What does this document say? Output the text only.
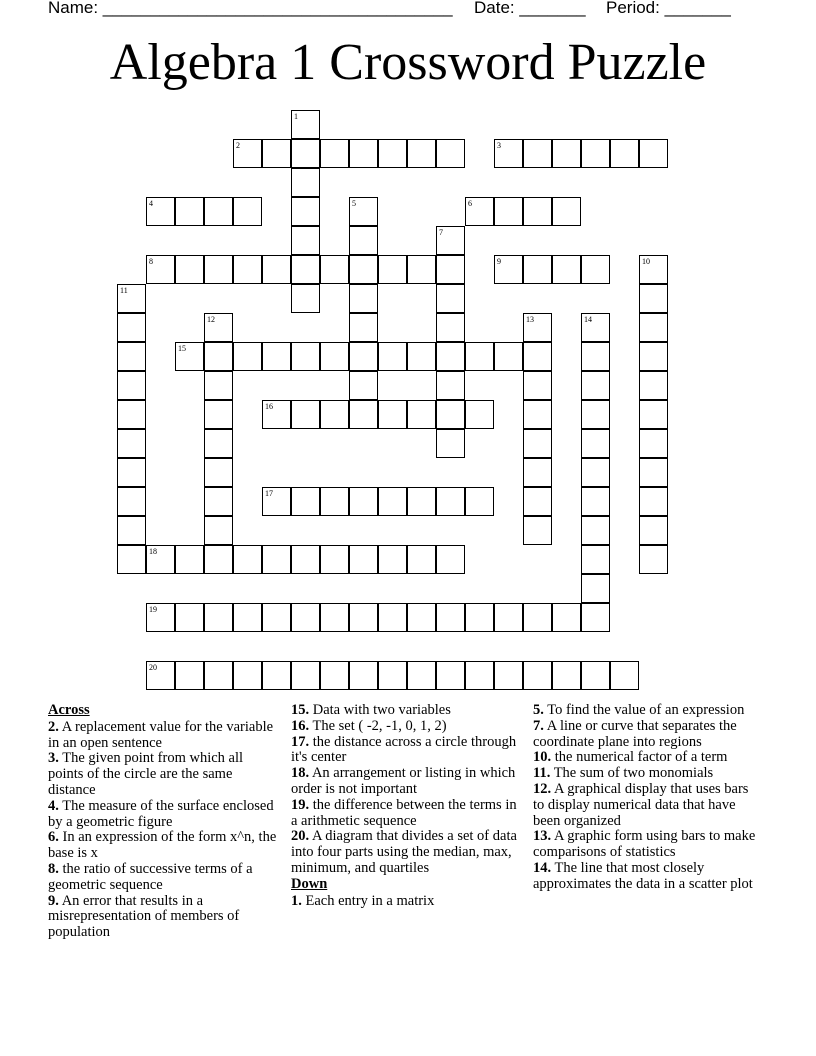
Name: _____________________________________ Date: _______ Period: _______
Algebra 1 Crossword Puzzle
1
2	3
4	5	6
7
8	9	10
11
12	13	14
15
16
17
18
19
20
Across
2. A replacement value for the variable in an open sentence
3. The given point from which all points of the circle are the same distance
4. The measure of the surface enclosed by a geometric figure
6. In an expression of the form x^n, the base is x
8. the ratio of successive terms of a geometric sequence
9. An error that results in a misrepresentation of members of population
15. Data with two variables
16. The set ( -2, -1, 0, 1, 2)
17. the distance across a circle through it's center
18. An arrangement or listing in which order is not important
19. the difference between the terms in a arithmetic sequence
20. A diagram that divides a set of data into four parts using the median, max, minimum, and quartiles
Down
1. Each entry in a matrix
5. To find the value of an expression
7. A line or curve that separates the coordinate plane into regions
10. the numerical factor of a term
11. The sum of two monomials
12. A graphical display that uses bars to display numerical data that have been organized
13. A graphic form using bars to make comparisons of statistics
14. The line that most closely approximates the data in a scatter plot
